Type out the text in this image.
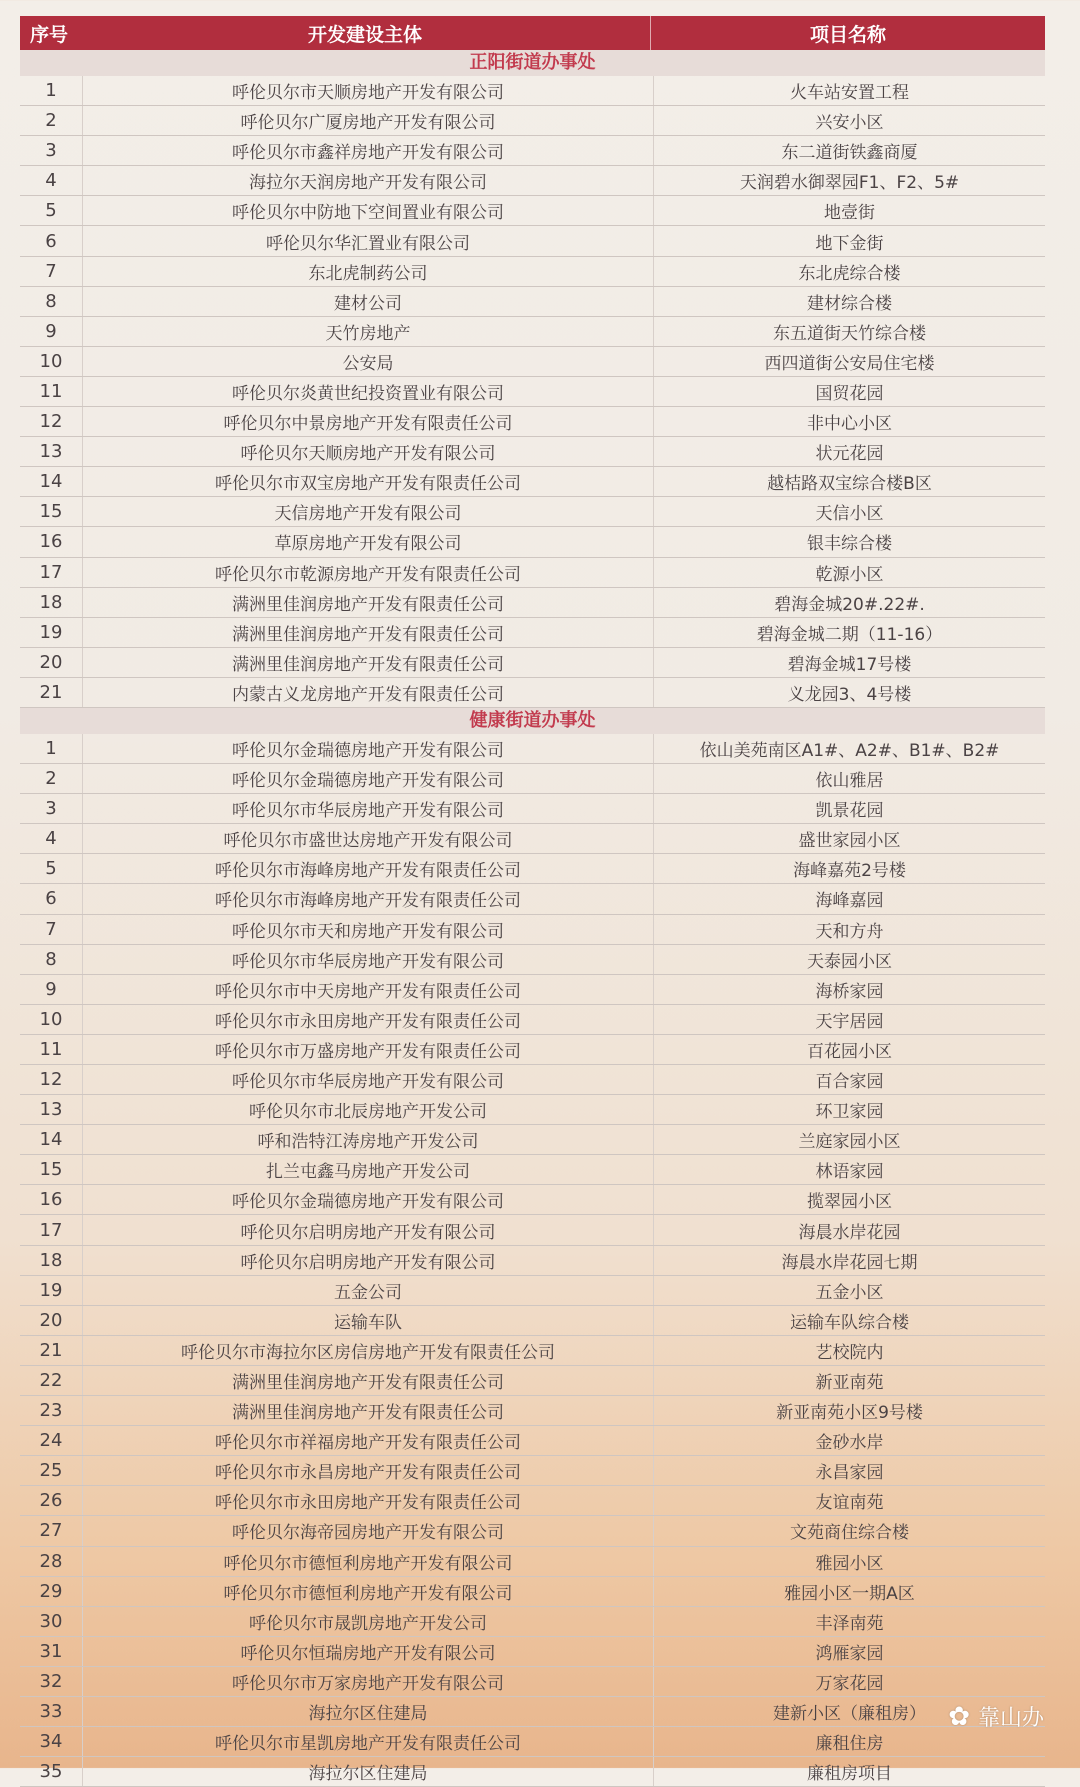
序号	开发建设主体	项目名称
正阳街道办事处
1	呼伦贝尔市天顺房地产开发有限公司	火车站安置工程
2	呼伦贝尔广厦房地产开发有限公司	兴安小区
3	呼伦贝尔市鑫祥房地产开发有限公司	东二道街铁鑫商厦
4	海拉尔天润房地产开发有限公司	天润碧水御翠园F1、F2、5#
5	呼伦贝尔中防地下空间置业有限公司	地壹街
6	呼伦贝尔华汇置业有限公司	地下金街
7	东北虎制药公司	东北虎综合楼
8	建材公司	建材综合楼
9	天竹房地产	东五道街天竹综合楼
10	公安局	西四道街公安局住宅楼
11	呼伦贝尔炎黄世纪投资置业有限公司	国贸花园
12	呼伦贝尔中景房地产开发有限责任公司	非中心小区
13	呼伦贝尔天顺房地产开发有限公司	状元花园
14	呼伦贝尔市双宝房地产开发有限责任公司	越桔路双宝综合楼B区
15	天信房地产开发有限公司	天信小区
16	草原房地产开发有限公司	银丰综合楼
17	呼伦贝尔市乾源房地产开发有限责任公司	乾源小区
18	满洲里佳润房地产开发有限责任公司	碧海金城20#.22#.
19	满洲里佳润房地产开发有限责任公司	碧海金城二期（11-16）
20	满洲里佳润房地产开发有限责任公司	碧海金城17号楼
21	内蒙古义龙房地产开发有限责任公司	义龙园3、4号楼
健康街道办事处
1	呼伦贝尔金瑞德房地产开发有限公司	依山美苑南区A1#、A2#、B1#、B2#
2	呼伦贝尔金瑞德房地产开发有限公司	依山雅居
3	呼伦贝尔市华辰房地产开发有限公司	凯景花园
4	呼伦贝尔市盛世达房地产开发有限公司	盛世家园小区
5	呼伦贝尔市海峰房地产开发有限责任公司	海峰嘉苑2号楼
6	呼伦贝尔市海峰房地产开发有限责任公司	海峰嘉园
7	呼伦贝尔市天和房地产开发有限公司	天和方舟
8	呼伦贝尔市华辰房地产开发有限公司	天泰园小区
9	呼伦贝尔市中天房地产开发有限责任公司	海桥家园
10	呼伦贝尔市永田房地产开发有限责任公司	天宇居园
11	呼伦贝尔市万盛房地产开发有限责任公司	百花园小区
12	呼伦贝尔市华辰房地产开发有限公司	百合家园
13	呼伦贝尔市北辰房地产开发公司	环卫家园
14	呼和浩特江涛房地产开发公司	兰庭家园小区
15	扎兰屯鑫马房地产开发公司	林语家园
16	呼伦贝尔金瑞德房地产开发有限公司	揽翠园小区
17	呼伦贝尔启明房地产开发有限公司	海晨水岸花园
18	呼伦贝尔启明房地产开发有限公司	海晨水岸花园七期
19	五金公司	五金小区
20	运输车队	运输车队综合楼
21	呼伦贝尔市海拉尔区房信房地产开发有限责任公司	艺校院内
22	满洲里佳润房地产开发有限责任公司	新亚南苑
23	满洲里佳润房地产开发有限责任公司	新亚南苑小区9号楼
24	呼伦贝尔市祥福房地产开发有限责任公司	金砂水岸
25	呼伦贝尔市永昌房地产开发有限责任公司	永昌家园
26	呼伦贝尔市永田房地产开发有限责任公司	友谊南苑
27	呼伦贝尔海帝园房地产开发有限公司	文苑商住综合楼
28	呼伦贝尔市德恒利房地产开发有限公司	雅园小区
29	呼伦贝尔市德恒利房地产开发有限公司	雅园小区一期A区
30	呼伦贝尔市晟凯房地产开发公司	丰泽南苑
31	呼伦贝尔恒瑞房地产开发有限公司	鸿雁家园
32	呼伦贝尔市万家房地产开发有限公司	万家花园
33	海拉尔区住建局	建新小区（廉租房）
34	呼伦贝尔市星凯房地产开发有限责任公司	廉租住房
35	海拉尔区住建局	廉租房项目
✿ 靠山办
